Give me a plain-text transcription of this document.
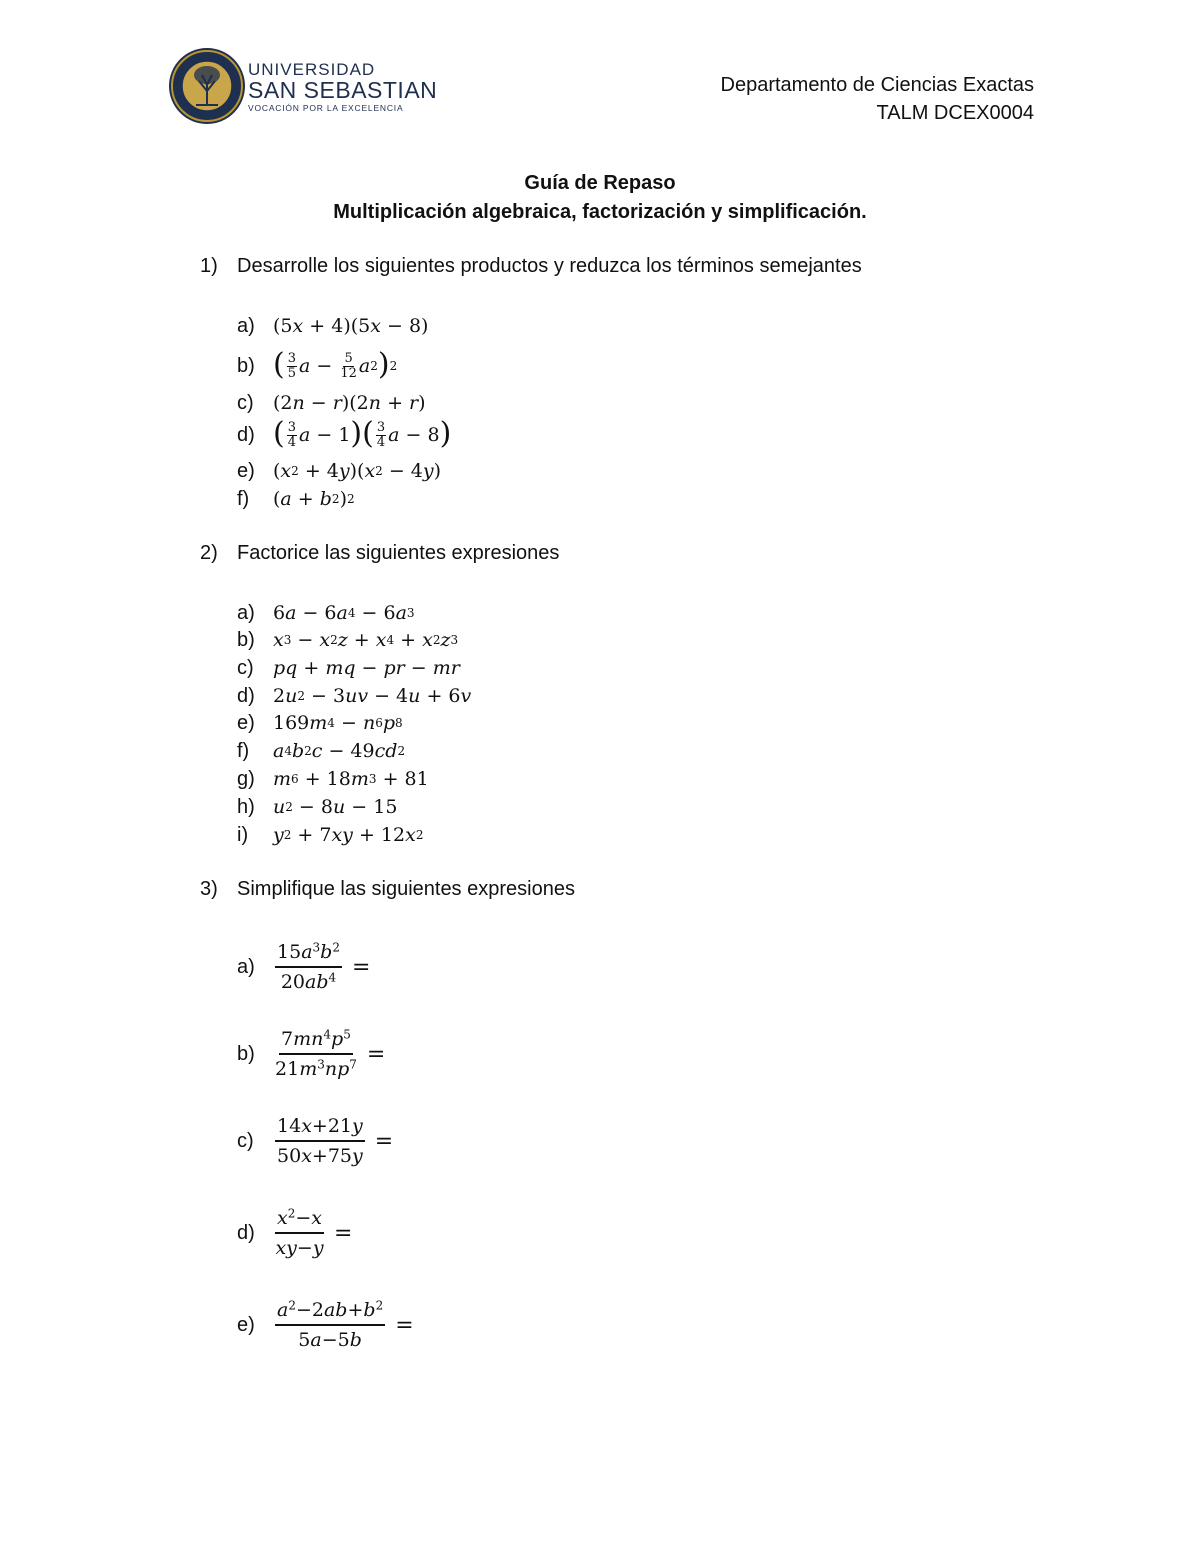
UNIVERSIDAD
SAN SEBASTIAN
VOCACIÓN POR LA EXCELENCIA
Departamento de Ciencias Exactas
TALM DCEX0004
Guía de Repaso
Multiplicación algebraica, factorización y simplificación.
1) Desarrolle los siguientes productos y reduzca los términos semejantes
a) (5 x + 4)(5 x − 8)
b) ( $\frac{3}{5}$ $a - \frac{5}{12}$ a 2 ) 2
c)	(2 n − r )(2 n + r )
d) ( $\frac{3}{4}$ a − 1 ) ( $\frac{3}{4}$ a − 8 )
e) ( x 2 + 4 y )( x 2 − 4 y )
f)	( a + b 2 ) 2
2) Factorice las siguientes expresiones
a) 6 a − 6 a 4 − 6 a 3
b) x 3 − x 2 z + x 4 + x 2 z 3
c)	pq + mq − pr − mr
d) 2 u 2 − 3 uv − 4 u + 6 v
e) 169 m 4 − n 6 p 8
f)	a 4 b 2 c − 49 cd 2
g) m 6 + 18 m 3 + 81
h) u 2 − 8 u − 15
i)	y 2 + 7 xy + 12 x 2
3) Simplifique las siguientes expresiones
a)	$\frac{15a^3b^2}{20ab^4}$ =
b)	$\frac{7mn^4p^5}{21m^3np^7}$ =
c)	$\frac{14x+21y}{50x+75y}$ =
d)	$\frac{x^2-x}{xy-y}$ =
e)	$\frac{a^2-2ab+b^2}{5a-5b}$ =
